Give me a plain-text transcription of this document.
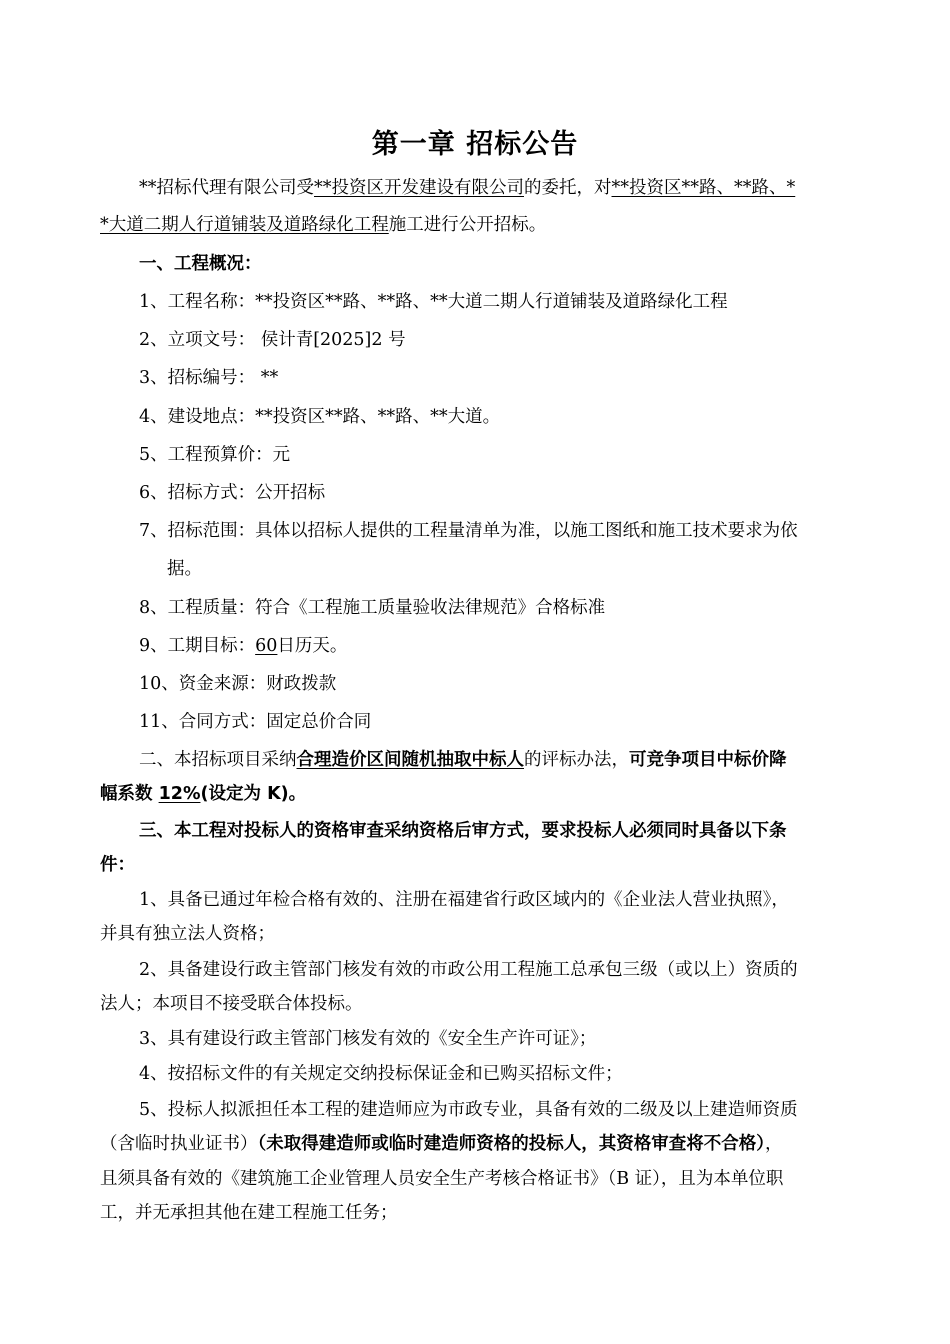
第一章 招标公告
**招标代理有限公司受**投资区开发建设有限公司的委托，对**投资区**路、**路、*
*大道二期人行道铺装及道路绿化工程施工进行公开招标。
一、工程概况：
1、工程名称：**投资区**路、**路、**大道二期人行道铺装及道路绿化工程
2、立项文号： 侯计青[2025]2 号
3、招标编号： **
4、建设地点：**投资区**路、**路、**大道。
5、工程预算价：元
6、招标方式：公开招标
7、招标范围：具体以招标人提供的工程量清单为准，以施工图纸和施工技术要求为依
据。
8、工程质量：符合《工程施工质量验收法律规范》合格标准
9、工期目标：60日历天。
10、资金来源：财政拨款
11、合同方式：固定总价合同
二、本招标项目采纳合理造价区间随机抽取中标人的评标办法，可竞争项目中标价降
幅系数 12%(设定为 K)。
三、本工程对投标人的资格审查采纳资格后审方式，要求投标人必须同时具备以下条
件：
1、具备已通过年检合格有效的、注册在福建省行政区域内的《企业法人营业执照》，
并具有独立法人资格；
2、具备建设行政主管部门核发有效的市政公用工程施工总承包三级（或以上）资质的
法人；本项目不接受联合体投标。
3、具有建设行政主管部门核发有效的《安全生产许可证》；
4、按招标文件的有关规定交纳投标保证金和已购买招标文件；
5、投标人拟派担任本工程的建造师应为市政专业，具备有效的二级及以上建造师资质
（含临时执业证书）（未取得建造师或临时建造师资格的投标人，其资格审查将不合格），
且须具备有效的《建筑施工企业管理人员安全生产考核合格证书》（B 证），且为本单位职
工，并无承担其他在建工程施工任务；
